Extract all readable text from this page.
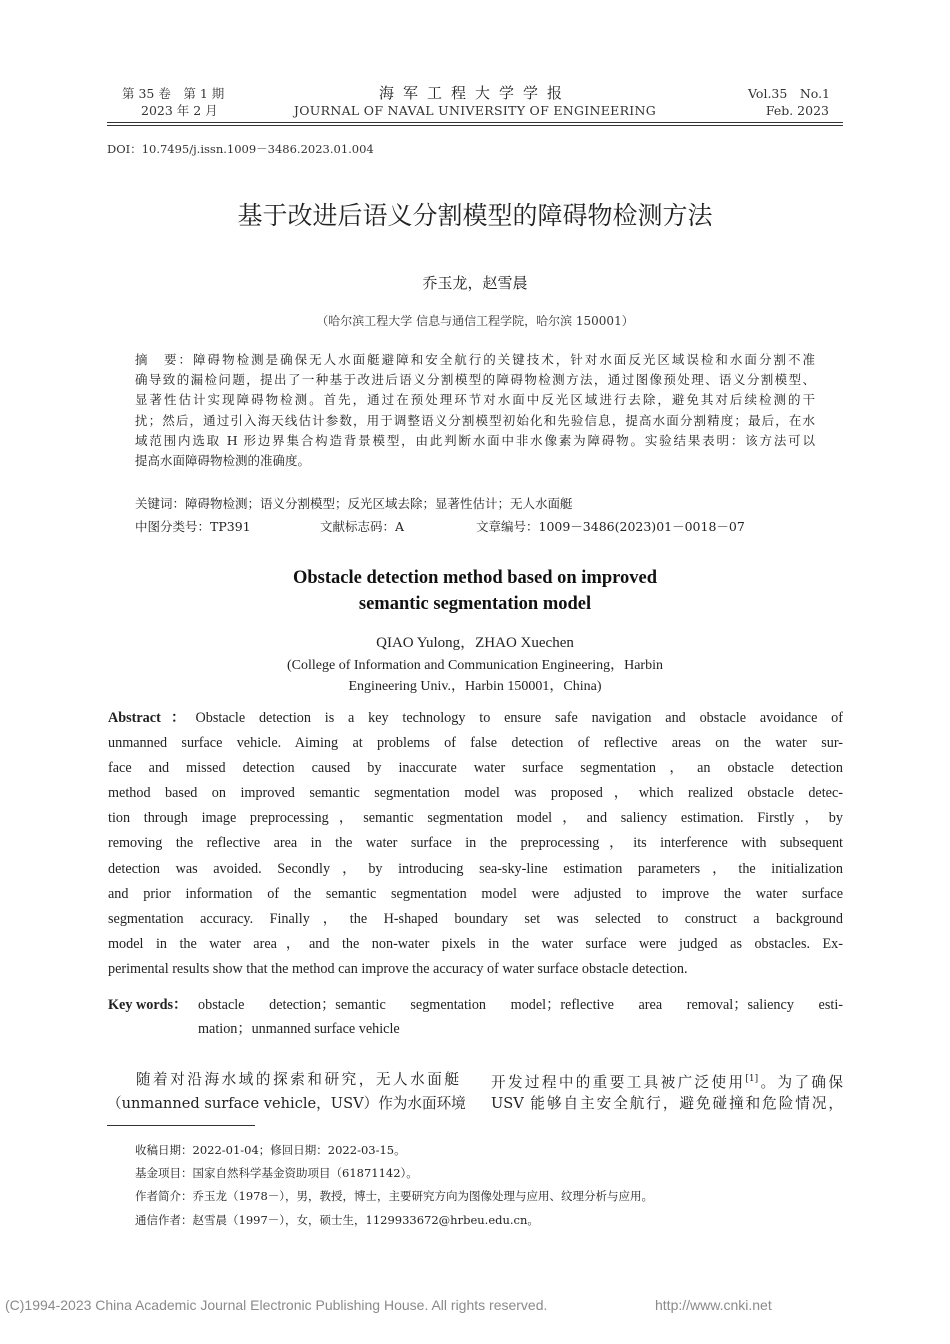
第 35 卷　第 1 期
2023 年 2 月
海军工程大学学报
JOURNAL OF NAVAL UNIVERSITY OF ENGINEERING
Vol.35　No.1
Feb. 2023
DOI：10.7495/j.issn.1009－3486.2023.01.004
基于改进后语义分割模型的障碍物检测方法
乔玉龙，赵雪晨
（哈尔滨工程大学 信息与通信工程学院，哈尔滨 150001）
摘　要：障碍物检测是确保无人水面艇避障和安全航行的关键技术，针对水面反光区域误检和水面分割不准
确导致的漏检问题，提出了一种基于改进后语义分割模型的障碍物检测方法，通过图像预处理、语义分割模型、
显著性估计实现障碍物检测。首先，通过在预处理环节对水面中反光区域进行去除，避免其对后续检测的干
扰；然后，通过引入海天线估计参数，用于调整语义分割模型初始化和先验信息，提高水面分割精度；最后，在水
域范围内选取 H 形边界集合构造背景模型，由此判断水面中非水像素为障碍物。实验结果表明：该方法可以
提高水面障碍物检测的准确度。
关键词：障碍物检测；语义分割模型；反光区域去除；显著性估计；无人水面艇
中图分类号：TP391	文献标志码：A	文章编号：1009－3486(2023)01－0018－07
Obstacle detection method based on improved
semantic segmentation model
QIAO Yulong，ZHAO Xuechen
(College of Information and Communication Engineering，Harbin
Engineering Univ.，Harbin 150001，China)
Abstract：Obstacle detection is a key technology to ensure safe navigation and obstacle avoidance of
unmanned surface vehicle. Aiming at problems of false detection of reflective areas on the water sur-
face and missed detection caused by inaccurate water surface segmentation，an obstacle detection
method based on improved semantic segmentation model was proposed，which realized obstacle detec-
tion through image preprocessing，semantic segmentation model，and saliency estimation. Firstly，by
removing the reflective area in the water surface in the preprocessing，its interference with subsequent
detection was avoided. Secondly，by introducing sea-sky-line estimation parameters，the initialization
and prior information of the semantic segmentation model were adjusted to improve the water surface
segmentation accuracy. Finally，the H-shaped boundary set was selected to construct a background
model in the water area，and the non-water pixels in the water surface were judged as obstacles. Ex-
perimental results show that the method can improve the accuracy of water surface obstacle detection.
Key words： obstacle detection；semantic segmentation model；reflective area removal；saliency esti-
mation；unmanned surface vehicle
随着对沿海水域的探索和研究，无人水面艇
（unmanned surface vehicle，USV）作为水面环境
开发过程中的重要工具被广泛使用[1]。为了确保
USV 能够自主安全航行，避免碰撞和危险情况，
收稿日期：2022-01-04；修回日期：2022-03-15。
基金项目：国家自然科学基金资助项目（61871142）。
作者简介：乔玉龙（1978－），男，教授，博士，主要研究方向为图像处理与应用、纹理分析与应用。
通信作者：赵雪晨（1997－），女，硕士生，1129933672@hrbeu.edu.cn。
(C)1994-2023 China Academic Journal Electronic Publishing House. All rights reserved.	http://www.cnki.net
